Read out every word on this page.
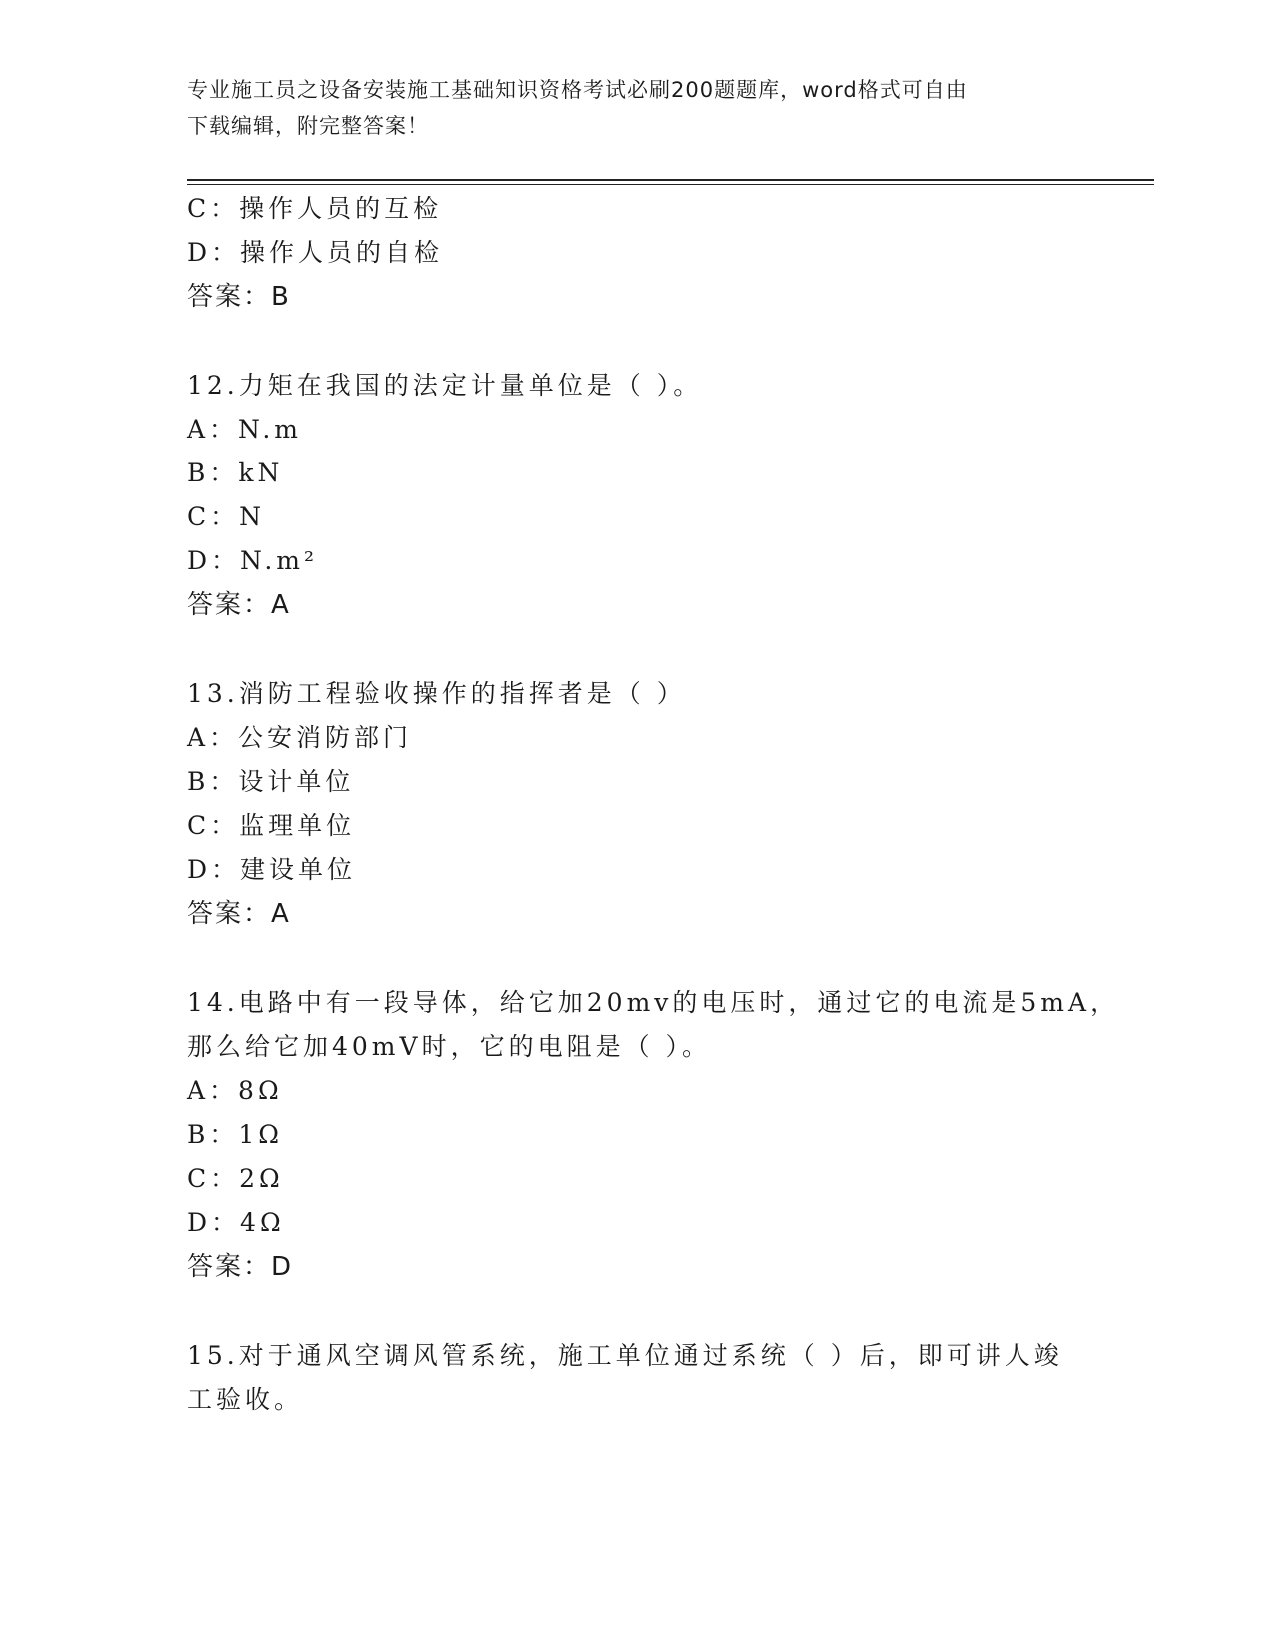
专业施工员之设备安装施工基础知识资格考试必刷200题题库，word格式可自由
下载编辑，附完整答案！
C：操作人员的互检
D：操作人员的自检
答案：B
12.力矩在我国的法定计量单位是（ ）。
A：N.m
B：kN
C：N
D：N.m²
答案：A
13.消防工程验收操作的指挥者是（ ）
A：公安消防部门
B：设计单位
C：监理单位
D：建设单位
答案：A
14.电路中有一段导体，给它加20mv的电压时，通过它的电流是5mA，
那么给它加40mV时，它的电阻是（ ）。
A：8Ω
B：1Ω
C：2Ω
D：4Ω
答案：D
15.对于通风空调风管系统，施工单位通过系统（ ）后，即可讲人竣
工验收。
